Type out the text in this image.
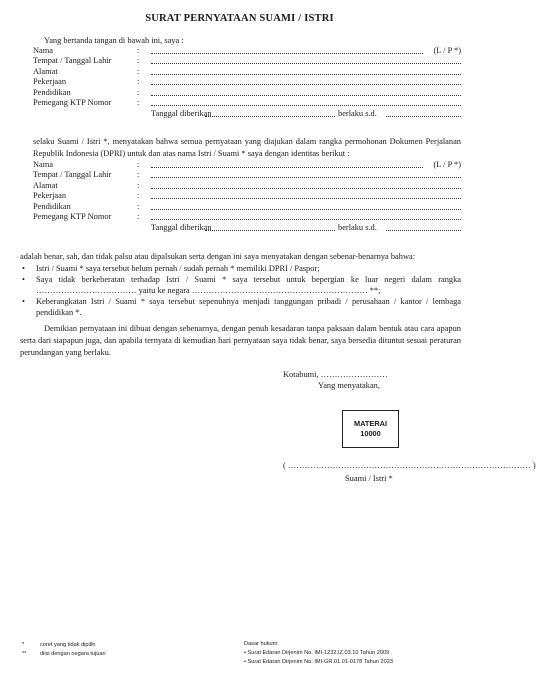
SURAT PERNYATAAN SUAMI / ISTRI
Yang bertanda tangan di bawah ini, saya :
Nama	:	(L / P *)
Tempat / Tanggal Lahir	:
Alamat	:
Pekerjaan	:
Pendidikan	:
Pemegang KTP Nomor	:
Tanggal diberikan	berlaku s.d.
selaku Suami / Istri *, menyatakan bahwa semua pernyataan yang diajukan dalam rangka permohonan Dokumen Perjalanan Republik Indonesia (DPRI) untuk dan atas nama Istri / Suami * saya dengan identitas berikut :
Nama	:	(L / P *)
Tempat / Tanggal Lahir	:
Alamat	:
Pekerjaan	:
Pendidikan	:
Pemegang KTP Nomor	:
Tanggal diberikan	berlaku s.d.
adalah benar, sah, dan tidak palsu atau dipalsukan serta dengan ini saya menyatakan dengan sebenar-benarnya bahwa:
• Istri / Suami * saya tersebut belum pernah / sudah pernah * memiliki DPRI / Paspor;
• Saya tidak berkeberatan terhadap Istri / Suami * saya tersebut untuk bepergian ke luar negeri dalam rangka ……………………………… yaitu ke negara ……………………………………………………… **;
• Keberangkatan Istri / Suami * saya tersebut sepenuhnya menjadi tanggungan pribadi / perusahaan / kantor / lembaga pendidikan *.
Demikian pernyataan ini dibuat dengan sebenarnya, dengan penuh kesadaran tanpa paksaan dalam bentuk atau cara apapun serta dari siapapun juga, dan apabila ternyata di kemudian hari pernyataan saya tidak benar, saya bersedia dituntut sesuai peraturan perundangan yang berlaku.
Kotabumi, ……………………
Yang menyatakan,
MATERAI
10000
( …………………………………………………………………………… )
Suami / Istri *
*	coret yang tidak dipilih
** diisi dengan negara tujuan
Dasar hukum:
• Surat Edaran Dirjenim No. IMI-1232.IZ.03.10 Tahun 2009
• Surat Edaran Dirjenim No. IMI-GR.01.01-0178 Tahun 2023
